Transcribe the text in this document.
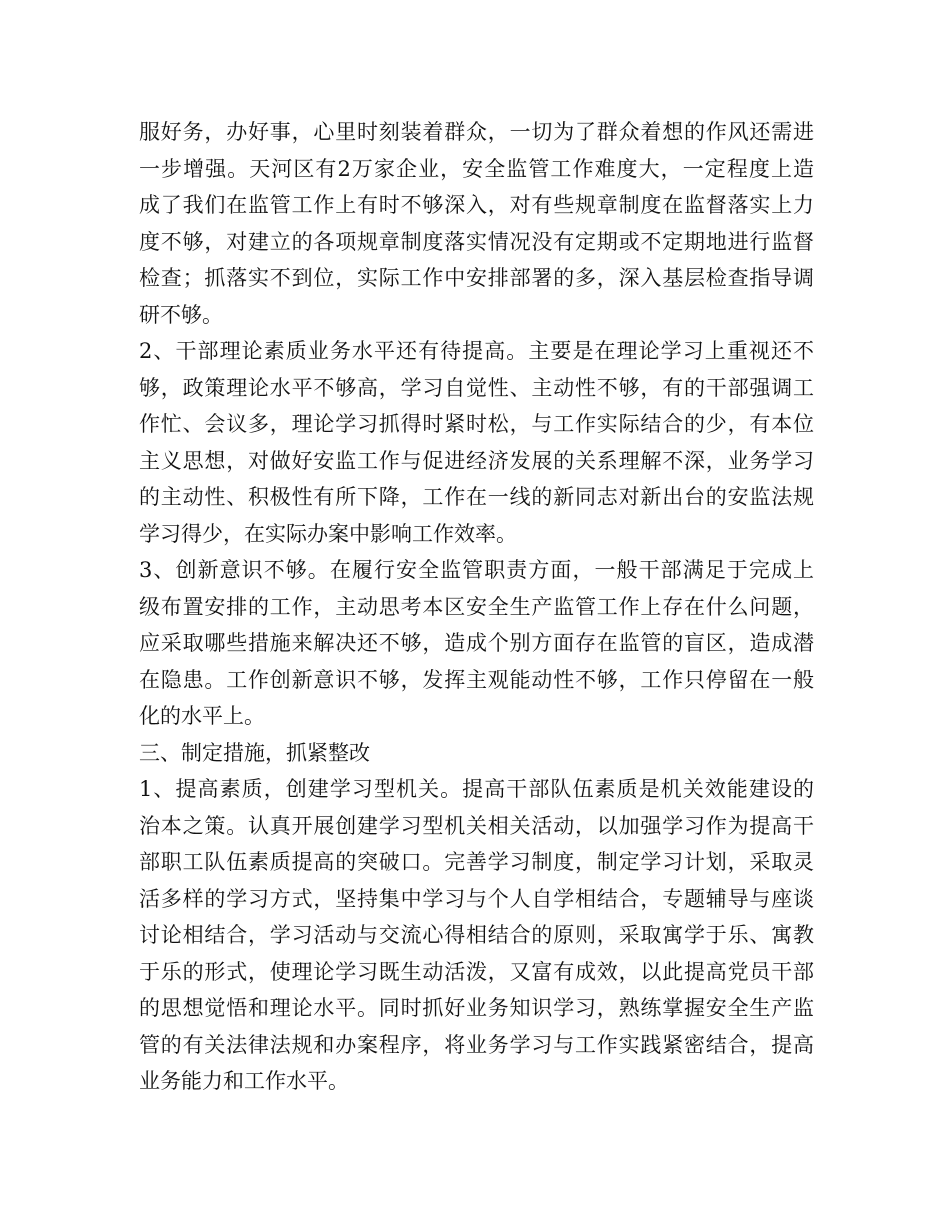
服好务，办好事，心里时刻装着群众，一切为了群众着想的作风还需进
一步增强。天河区有2万家企业，安全监管工作难度大，一定程度上造
成了我们在监管工作上有时不够深入，对有些规章制度在监督落实上力
度不够，对建立的各项规章制度落实情况没有定期或不定期地进行监督
检查；抓落实不到位，实际工作中安排部署的多，深入基层检查指导调
研不够。
2、干部理论素质业务水平还有待提高。主要是在理论学习上重视还不
够，政策理论水平不够高，学习自觉性、主动性不够，有的干部强调工
作忙、会议多，理论学习抓得时紧时松，与工作实际结合的少，有本位
主义思想，对做好安监工作与促进经济发展的关系理解不深，业务学习
的主动性、积极性有所下降，工作在一线的新同志对新出台的安监法规
学习得少，在实际办案中影响工作效率。
3、创新意识不够。在履行安全监管职责方面，一般干部满足于完成上
级布置安排的工作，主动思考本区安全生产监管工作上存在什么问题，
应采取哪些措施来解决还不够，造成个别方面存在监管的盲区，造成潜
在隐患。工作创新意识不够，发挥主观能动性不够，工作只停留在一般
化的水平上。
三、制定措施，抓紧整改
1、提高素质，创建学习型机关。提高干部队伍素质是机关效能建设的
治本之策。认真开展创建学习型机关相关活动，以加强学习作为提高干
部职工队伍素质提高的突破口。完善学习制度，制定学习计划，采取灵
活多样的学习方式，坚持集中学习与个人自学相结合，专题辅导与座谈
讨论相结合，学习活动与交流心得相结合的原则，采取寓学于乐、寓教
于乐的形式，使理论学习既生动活泼，又富有成效，以此提高党员干部
的思想觉悟和理论水平。同时抓好业务知识学习，熟练掌握安全生产监
管的有关法律法规和办案程序，将业务学习与工作实践紧密结合，提高
业务能力和工作水平。
